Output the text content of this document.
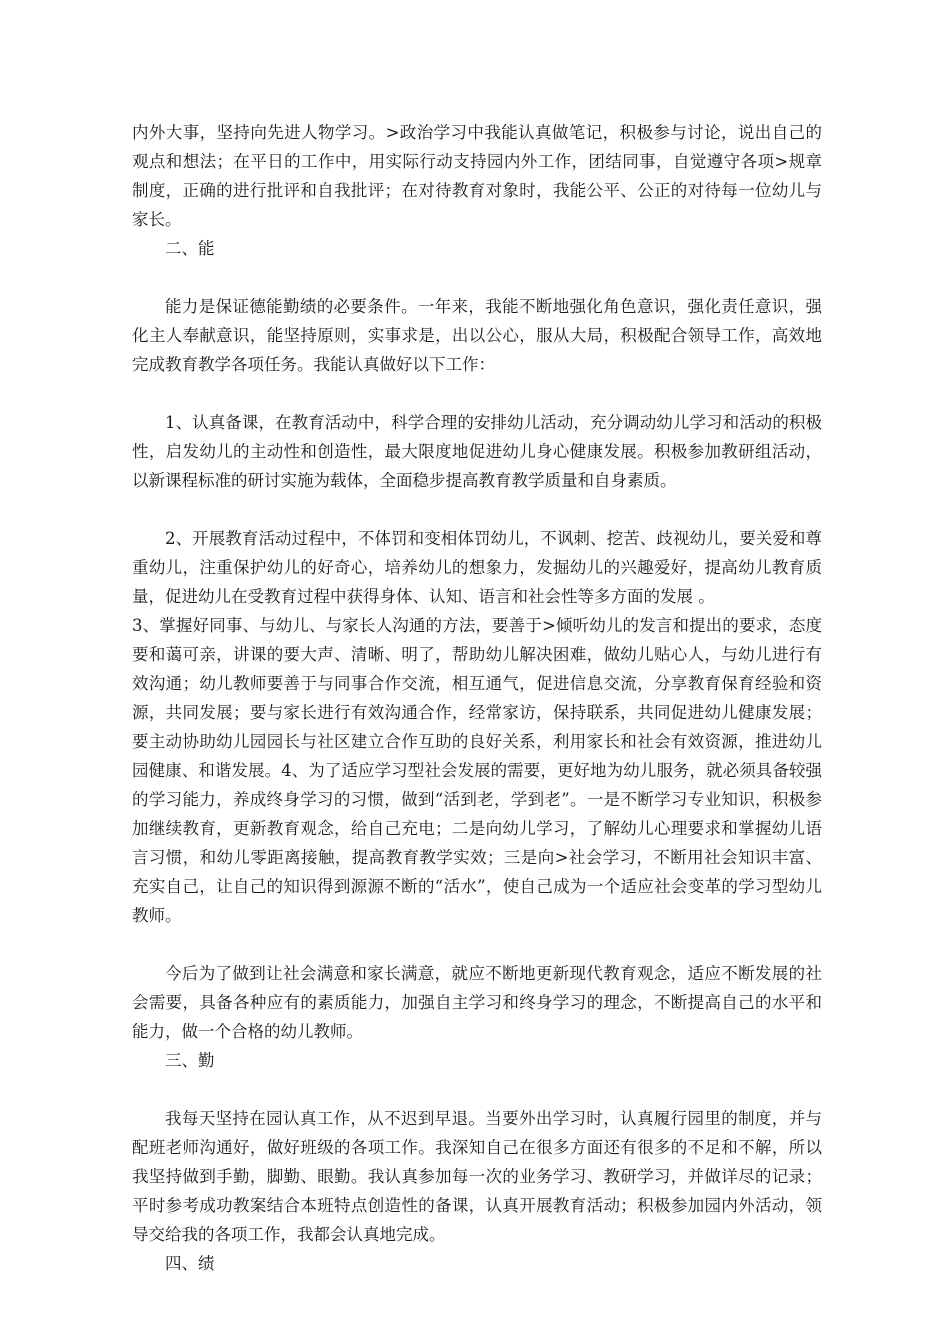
内外大事，坚持向先进人物学习。>政治学习中我能认真做笔记，积极参与讨论，说出自己的观点和想法；在平日的工作中，用实际行动支持园内外工作，团结同事，自觉遵守各项>规章制度，正确的进行批评和自我批评；在对待教育对象时，我能公平、公正的对待每一位幼儿与家长。

二、能

能力是保证德能勤绩的必要条件。一年来，我能不断地强化角色意识，强化责任意识，强化主人奉献意识，能坚持原则，实事求是，出以公心，服从大局，积极配合领导工作，高效地完成教育教学各项任务。我能认真做好以下工作：

1、认真备课，在教育活动中，科学合理的安排幼儿活动，充分调动幼儿学习和活动的积极性，启发幼儿的主动性和创造性，最大限度地促进幼儿身心健康发展。积极参加教研组活动，以新课程标准的研讨实施为载体，全面稳步提高教育教学质量和自身素质。

2、开展教育活动过程中，不体罚和变相体罚幼儿，不讽刺、挖苦、歧视幼儿，要关爱和尊重幼儿，注重保护幼儿的好奇心，培养幼儿的想象力，发掘幼儿的兴趣爱好，提高幼儿教育质量，促进幼儿在受教育过程中获得身体、认知、语言和社会性等多方面的发展 。

3、掌握好同事、与幼儿、与家长人沟通的方法，要善于>倾听幼儿的发言和提出的要求，态度要和蔼可亲，讲课的要大声、清晰、明了，帮助幼儿解决困难，做幼儿贴心人，与幼儿进行有效沟通；幼儿教师要善于与同事合作交流，相互通气，促进信息交流，分享教育保育经验和资源，共同发展；要与家长进行有效沟通合作，经常家访，保持联系，共同促进幼儿健康发展；要主动协助幼儿园园长与社区建立合作互助的良好关系，利用家长和社会有效资源，推进幼儿园健康、和谐发展。4、为了适应学习型社会发展的需要，更好地为幼儿服务，就必须具备较强的学习能力，养成终身学习的习惯，做到“活到老，学到老”。一是不断学习专业知识，积极参加继续教育，更新教育观念，给自己充电；二是向幼儿学习，了解幼儿心理要求和掌握幼儿语言习惯，和幼儿零距离接触，提高教育教学实效；三是向>社会学习，不断用社会知识丰富、充实自己，让自己的知识得到源源不断的“活水”，使自己成为一个适应社会变革的学习型幼儿教师。

今后为了做到让社会满意和家长满意，就应不断地更新现代教育观念，适应不断发展的社会需要，具备各种应有的素质能力，加强自主学习和终身学习的理念，不断提高自己的水平和能力，做一个合格的幼儿教师。

三、勤

我每天坚持在园认真工作，从不迟到早退。当要外出学习时，认真履行园里的制度，并与配班老师沟通好，做好班级的各项工作。我深知自己在很多方面还有很多的不足和不解，所以我坚持做到手勤，脚勤、眼勤。我认真参加每一次的业务学习、教研学习，并做详尽的记录；平时参考成功教案结合本班特点创造性的备课，认真开展教育活动；积极参加园内外活动，领导交给我的各项工作，我都会认真地完成。

四、绩
